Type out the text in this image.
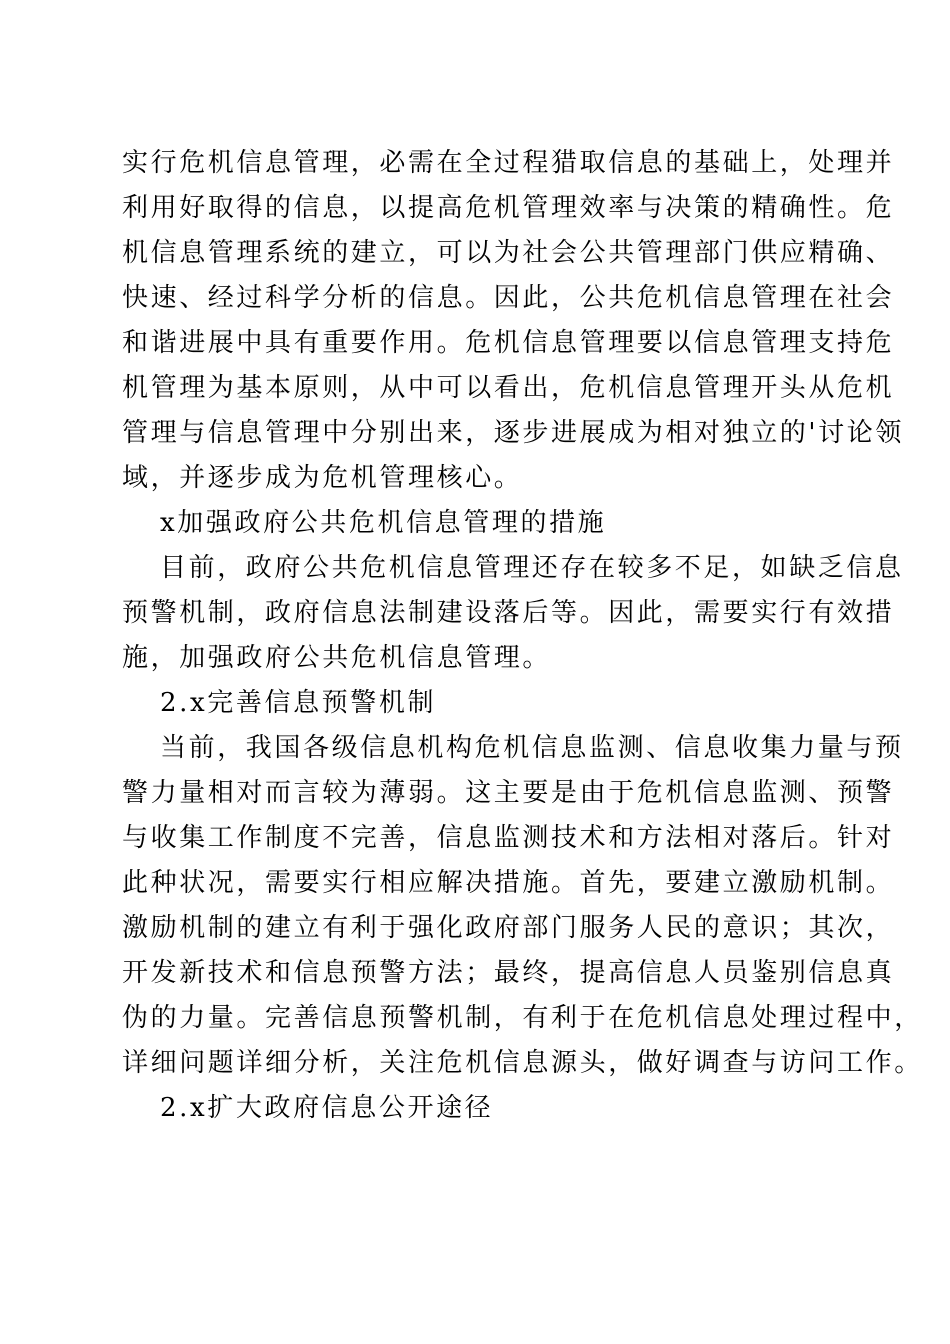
实行危机信息管理，必需在全过程猎取信息的基础上，处理并
利用好取得的信息，以提高危机管理效率与决策的精确性。危
机信息管理系统的建立，可以为社会公共管理部门供应精确、
快速、经过科学分析的信息。因此，公共危机信息管理在社会
和谐进展中具有重要作用。危机信息管理要以信息管理支持危
机管理为基本原则，从中可以看出，危机信息管理开头从危机
管理与信息管理中分别出来，逐步进展成为相对独立的'讨论领
域，并逐步成为危机管理核心。
x加强政府公共危机信息管理的措施
目前，政府公共危机信息管理还存在较多不足，如缺乏信息
预警机制，政府信息法制建设落后等。因此，需要实行有效措
施，加强政府公共危机信息管理。
2.x完善信息预警机制
当前，我国各级信息机构危机信息监测、信息收集力量与预
警力量相对而言较为薄弱。这主要是由于危机信息监测、预警
与收集工作制度不完善，信息监测技术和方法相对落后。针对
此种状况，需要实行相应解决措施。首先，要建立激励机制。
激励机制的建立有利于强化政府部门服务人民的意识；其次，
开发新技术和信息预警方法；最终，提高信息人员鉴别信息真
伪的力量。完善信息预警机制，有利于在危机信息处理过程中，
详细问题详细分析，关注危机信息源头，做好调查与访问工作。
2.x扩大政府信息公开途径
